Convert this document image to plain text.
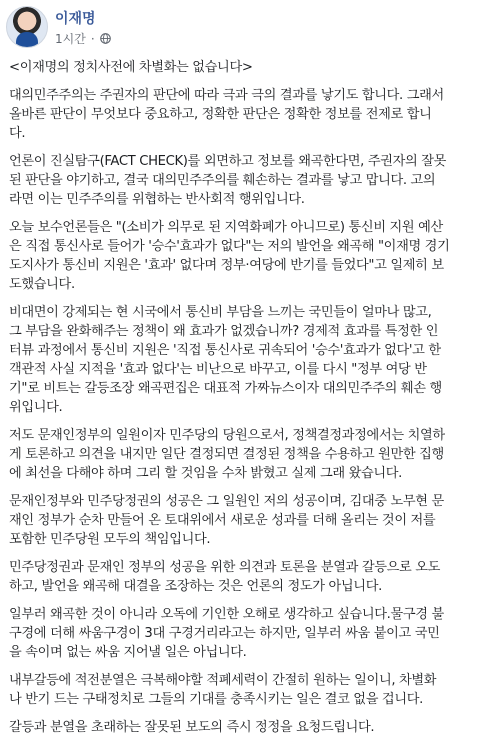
이재명
1시간 ·

<이재명의 정치사전에 차별화는 없습니다>

대의민주주의는 주권자의 판단에 따라 극과 극의 결과를 낳기도 합니다. 그래서
올바른 판단이 무엇보다 중요하고, 정확한 판단은 정확한 정보를 전제로 합니
다.

언론이 진실탐구(FACT CHECK)를 외면하고 정보를 왜곡한다면, 주권자의 잘못
된 판단을 야기하고, 결국 대의민주주의를 훼손하는 결과를 낳고 맙니다. 고의
라면 이는 민주주의를 위협하는 반사회적 행위입니다.

오늘 보수언론들은 "(소비가 의무로 된 지역화폐가 아니므로) 통신비 지원 예산
은 직접 통신사로 들어가 '승수'효과가 없다"는 저의 발언을 왜곡해 "이재명 경기
도지사가 통신비 지원은 '효과' 없다며 정부·여당에 반기를 들었다"고 일제히 보
도했습니다.

비대면이 강제되는 현 시국에서 통신비 부담을 느끼는 국민들이 얼마나 많고,
그 부담을 완화해주는 정책이 왜 효과가 없겠습니까? 경제적 효과를 특정한 인
터뷰 과정에서 통신비 지원은 '직접 통신사로 귀속되어 '승수'효과가 없다'고 한
객관적 사실 지적을 '효과 없다'는 비난으로 바꾸고, 이를 다시 "정부 여당 반
기"로 비트는 갈등조장 왜곡편집은 대표적 가짜뉴스이자 대의민주주의 훼손 행
위입니다.

저도 문재인정부의 일원이자 민주당의 당원으로서, 정책결정과정에서는 치열하
게 토론하고 의견을 내지만 일단 결정되면 결정된 정책을 수용하고 원만한 집행
에 최선을 다해야 하며 그리 할 것임을 수차 밝혔고 실제 그래 왔습니다.

문재인정부와 민주당정권의 성공은 그 일원인 저의 성공이며, 김대중 노무현 문
재인 정부가 순차 만들어 온 토대위에서 새로운 성과를 더해 올리는 것이 저를
포함한 민주당원 모두의 책임입니다.

민주당정권과 문재인 정부의 성공을 위한 의견과 토론을 분열과 갈등으로 오도
하고, 발언을 왜곡해 대결을 조장하는 것은 언론의 정도가 아닙니다.

일부러 왜곡한 것이 아니라 오독에 기인한 오해로 생각하고 싶습니다.물구경 불
구경에 더해 싸움구경이 3대 구경거리라고는 하지만, 일부러 싸움 붙이고 국민
을 속이며 없는 싸움 지어낼 일은 아닙니다.

내부갈등에 적전분열은 극복해야할 적폐세력이 간절히 원하는 일이니, 차별화
나 반기 드는 구태정치로 그들의 기대를 충족시키는 일은 결코 없을 겁니다.

갈등과 분열을 초래하는 잘못된 보도의 즉시 정정을 요청드립니다.
